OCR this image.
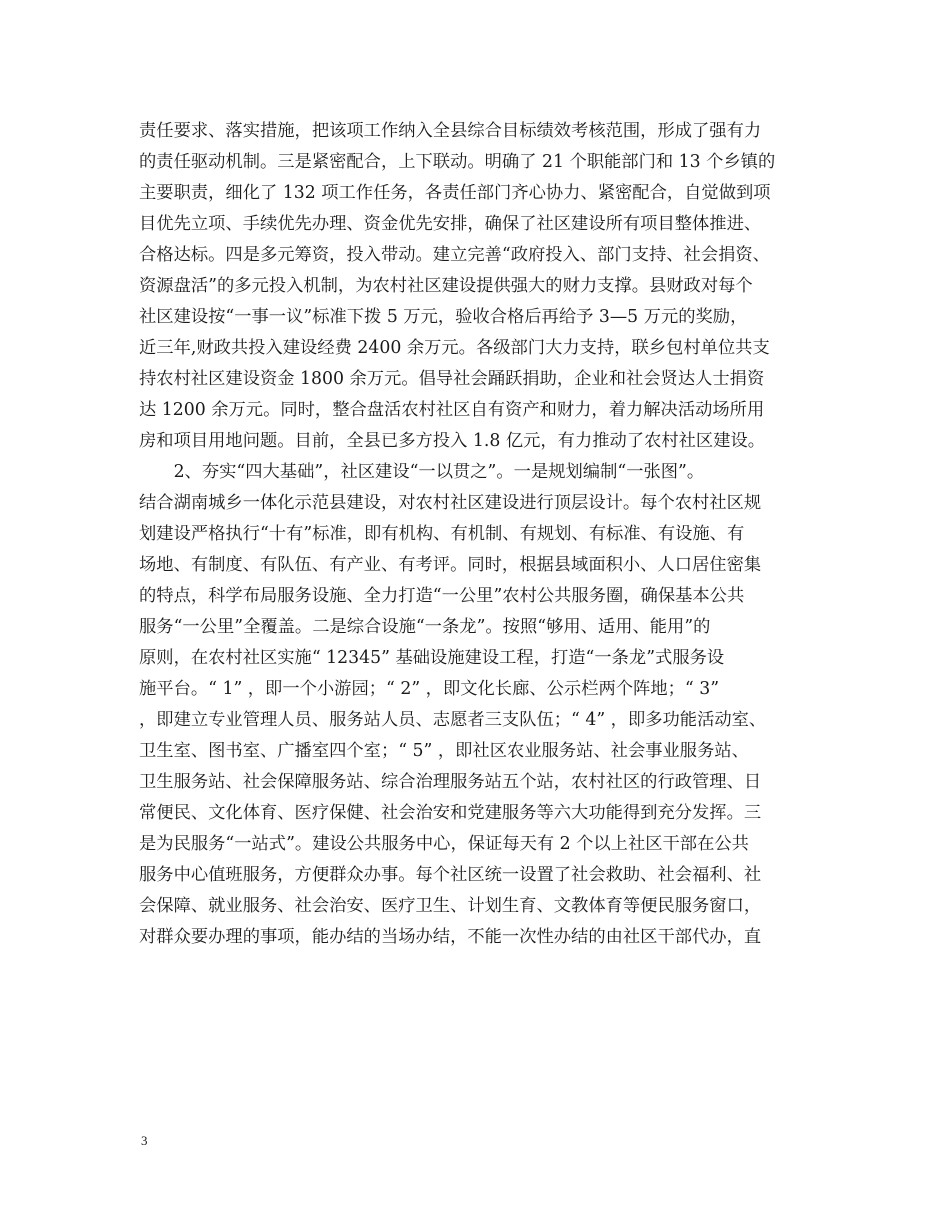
责任要求、落实措施，把该项工作纳入全县综合目标绩效考核范围，形成了强有力
的责任驱动机制。三是紧密配合，上下联动。明确了 21 个职能部门和 13 个乡镇的
主要职责，细化了 132 项工作任务，各责任部门齐心协力、紧密配合，自觉做到项
目优先立项、手续优先办理、资金优先安排，确保了社区建设所有项目整体推进、
合格达标。四是多元筹资，投入带动。建立完善“政府投入、部门支持、社会捐资、
资源盘活”的多元投入机制，为农村社区建设提供强大的财力支撑。县财政对每个
社区建设按“一事一议”标准下拨 5 万元，验收合格后再给予 3—5 万元的奖励，
近三年,财政共投入建设经费 2400 余万元。各级部门大力支持，联乡包村单位共支
持农村社区建设资金 1800 余万元。倡导社会踊跃捐助，企业和社会贤达人士捐资
达 1200 余万元。同时，整合盘活农村社区自有资产和财力，着力解决活动场所用
房和项目用地问题。目前，全县已多方投入 1.8 亿元，有力推动了农村社区建设。
　　2、夯实“四大基础”，社区建设“一以贯之”。一是规划编制“一张图”。
结合湖南城乡一体化示范县建设，对农村社区建设进行顶层设计。每个农村社区规
划建设严格执行“十有”标准，即有机构、有机制、有规划、有标准、有设施、有
场地、有制度、有队伍、有产业、有考评。同时，根据县域面积小、人口居住密集
的特点，科学布局服务设施、全力打造“一公里”农村公共服务圈，确保基本公共
服务“一公里”全覆盖。二是综合设施“一条龙”。按照“够用、适用、能用”的
原则，在农村社区实施“ 12345” 基础设施建设工程，打造“一条龙”式服务设
施平台。“ 1” ，即一个小游园；“ 2” ，即文化长廊、公示栏两个阵地；“ 3”
，即建立专业管理人员、服务站人员、志愿者三支队伍；“ 4” ，即多功能活动室、
卫生室、图书室、广播室四个室；“ 5” ，即社区农业服务站、社会事业服务站、
卫生服务站、社会保障服务站、综合治理服务站五个站，农村社区的行政管理、日
常便民、文化体育、医疗保健、社会治安和党建服务等六大功能得到充分发挥。三
是为民服务“一站式”。建设公共服务中心，保证每天有 2 个以上社区干部在公共
服务中心值班服务，方便群众办事。每个社区统一设置了社会救助、社会福利、社
会保障、就业服务、社会治安、医疗卫生、计划生育、文教体育等便民服务窗口，
对群众要办理的事项，能办结的当场办结，不能一次性办结的由社区干部代办，直
3
